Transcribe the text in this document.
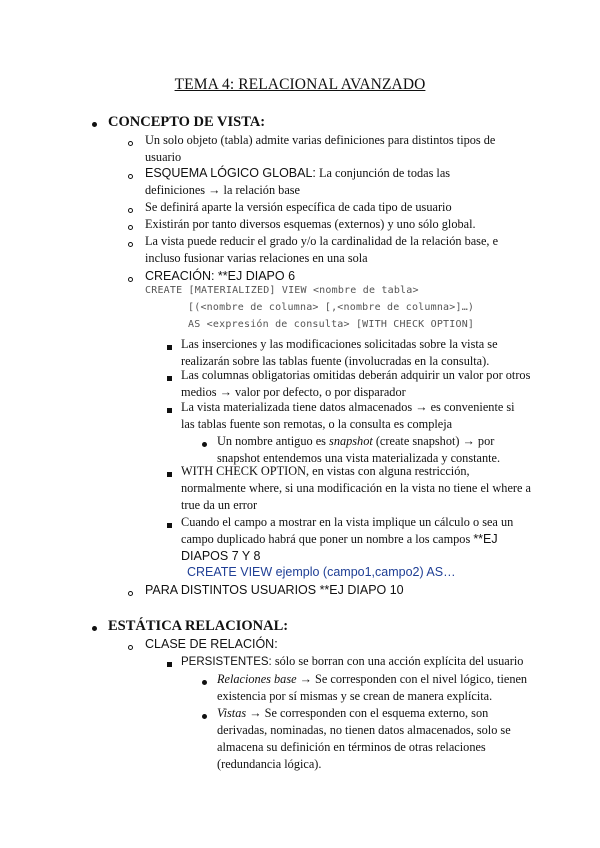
TEMA 4: RELACIONAL AVANZADO
CONCEPTO DE VISTA:
Un solo objeto (tabla) admite varias definiciones para distintos tipos de usuario
ESQUEMA LÓGICO GLOBAL: La conjunción de todas las definiciones → la relación base
Se definirá aparte la versión específica de cada tipo de usuario
Existirán por tanto diversos esquemas (externos) y uno sólo global.
La vista puede reducir el grado y/o la cardinalidad de la relación base, e incluso fusionar varias relaciones en una sola
CREACIÓN: **EJ DIAPO 6
CREATE [MATERIALIZED] VIEW <nombre de tabla>
[(<nombre de columna> [,<nombre de columna>]…)
AS <expresión de consulta> [WITH CHECK OPTION]
Las inserciones y las modificaciones solicitadas sobre la vista se realizarán sobre las tablas fuente (involucradas en la consulta).
Las columnas obligatorias omitidas deberán adquirir un valor por otros medios → valor por defecto, o por disparador
La vista materializada tiene datos almacenados → es conveniente si las tablas fuente son remotas, o la consulta es compleja
Un nombre antiguo es snapshot (create snapshot) → por snapshot entendemos una vista materializada y constante.
WITH CHECK OPTION, en vistas con alguna restricción, normalmente where, si una modificación en la vista no tiene el where a true da un error
Cuando el campo a mostrar en la vista implique un cálculo o sea un campo duplicado habrá que poner un nombre a los campos **EJ DIAPOS 7 Y 8
CREATE VIEW ejemplo (campo1,campo2) AS…
PARA DISTINTOS USUARIOS **EJ DIAPO 10
ESTÁTICA RELACIONAL:
CLASE DE RELACIÓN:
PERSISTENTES: sólo se borran con una acción explícita del usuario
Relaciones base → Se corresponden con el nivel lógico, tienen existencia por sí mismas y se crean de manera explícita.
Vistas → Se corresponden con el esquema externo, son derivadas, nominadas, no tienen datos almacenados, solo se almacena su definición en términos de otras relaciones (redundancia lógica).
